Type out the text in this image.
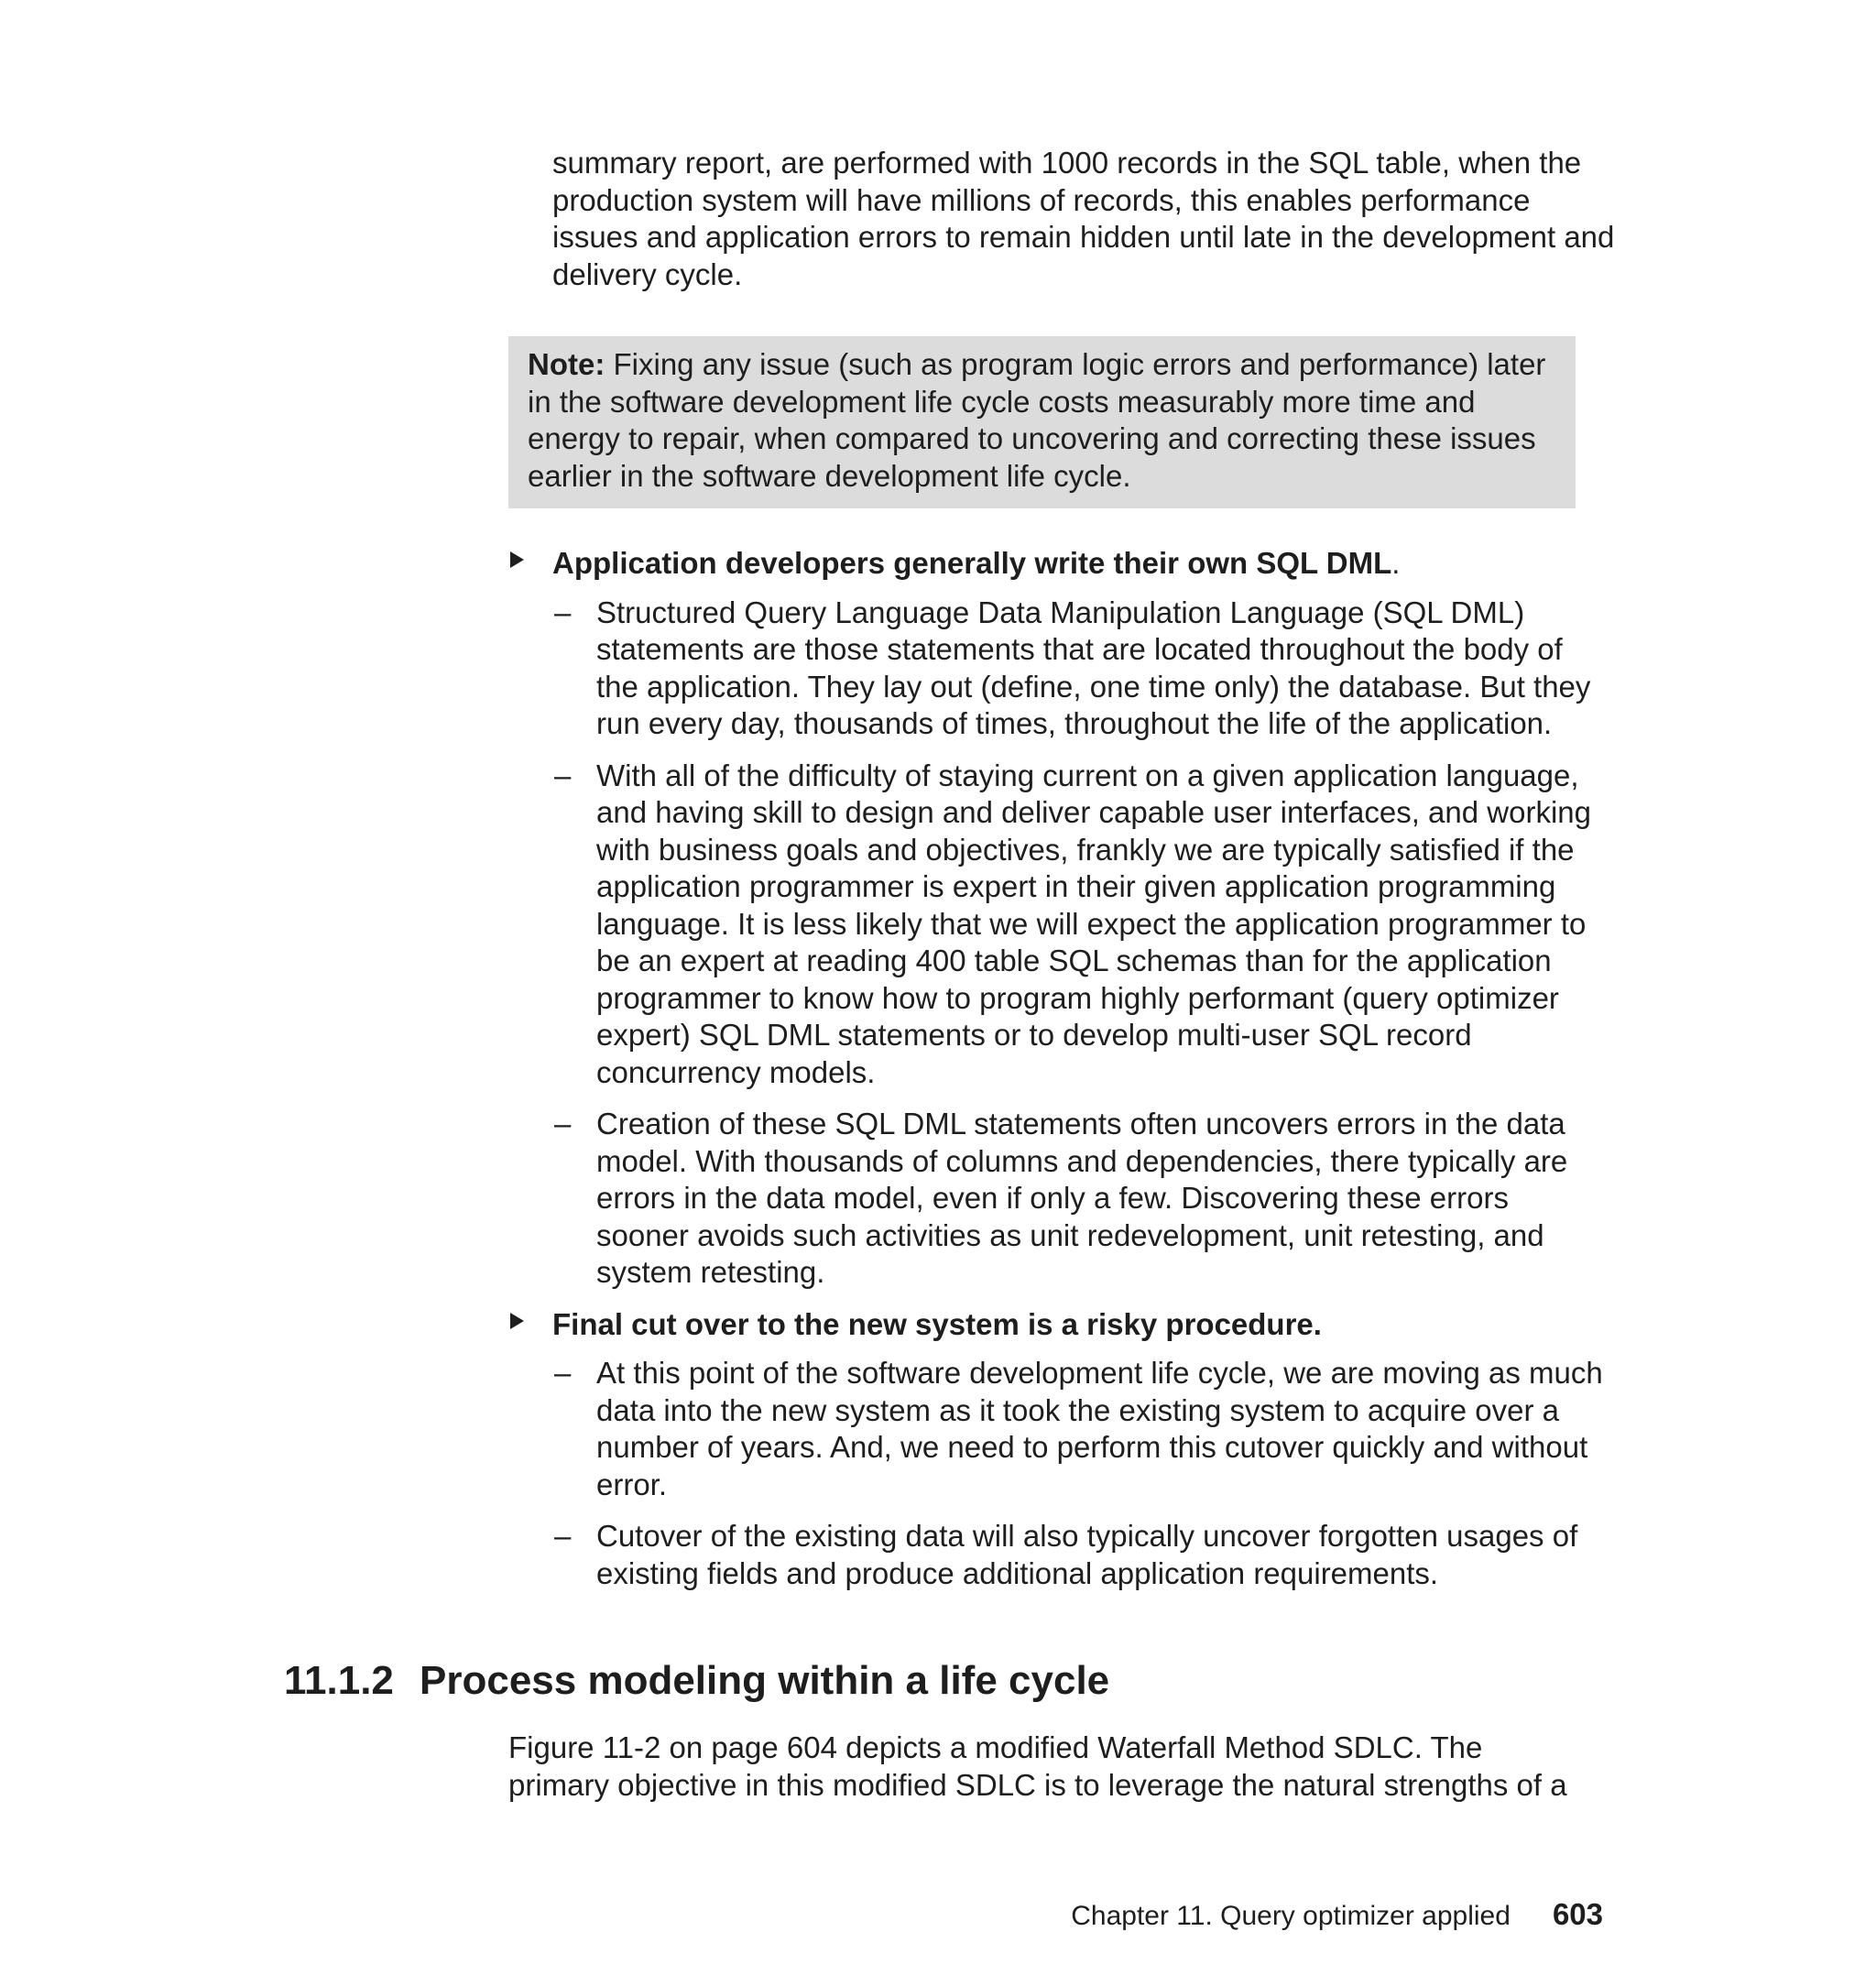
summary report, are performed with 1000 records in the SQL table, when the production system will have millions of records, this enables performance issues and application errors to remain hidden until late in the development and delivery cycle.

Note: Fixing any issue (such as program logic errors and performance) later in the software development life cycle costs measurably more time and energy to repair, when compared to uncovering and correcting these issues earlier in the software development life cycle.
Application developers generally write their own SQL DML.
– Structured Query Language Data Manipulation Language (SQL DML) statements are those statements that are located throughout the body of the application. They lay out (define, one time only) the database. But they run every day, thousands of times, throughout the life of the application.
– With all of the difficulty of staying current on a given application language, and having skill to design and deliver capable user interfaces, and working with business goals and objectives, frankly we are typically satisfied if the application programmer is expert in their given application programming language. It is less likely that we will expect the application programmer to be an expert at reading 400 table SQL schemas than for the application programmer to know how to program highly performant (query optimizer expert) SQL DML statements or to develop multi-user SQL record concurrency models.
– Creation of these SQL DML statements often uncovers errors in the data model. With thousands of columns and dependencies, there typically are errors in the data model, even if only a few. Discovering these errors sooner avoids such activities as unit redevelopment, unit retesting, and system retesting.
Final cut over to the new system is a risky procedure.
– At this point of the software development life cycle, we are moving as much data into the new system as it took the existing system to acquire over a number of years. And, we need to perform this cutover quickly and without error.
– Cutover of the existing data will also typically uncover forgotten usages of existing fields and produce additional application requirements.
11.1.2 Process modeling within a life cycle

Figure 11-2 on page 604 depicts a modified Waterfall Method SDLC. The primary objective in this modified SDLC is to leverage the natural strengths of a

Chapter 11. Query optimizer applied 603
